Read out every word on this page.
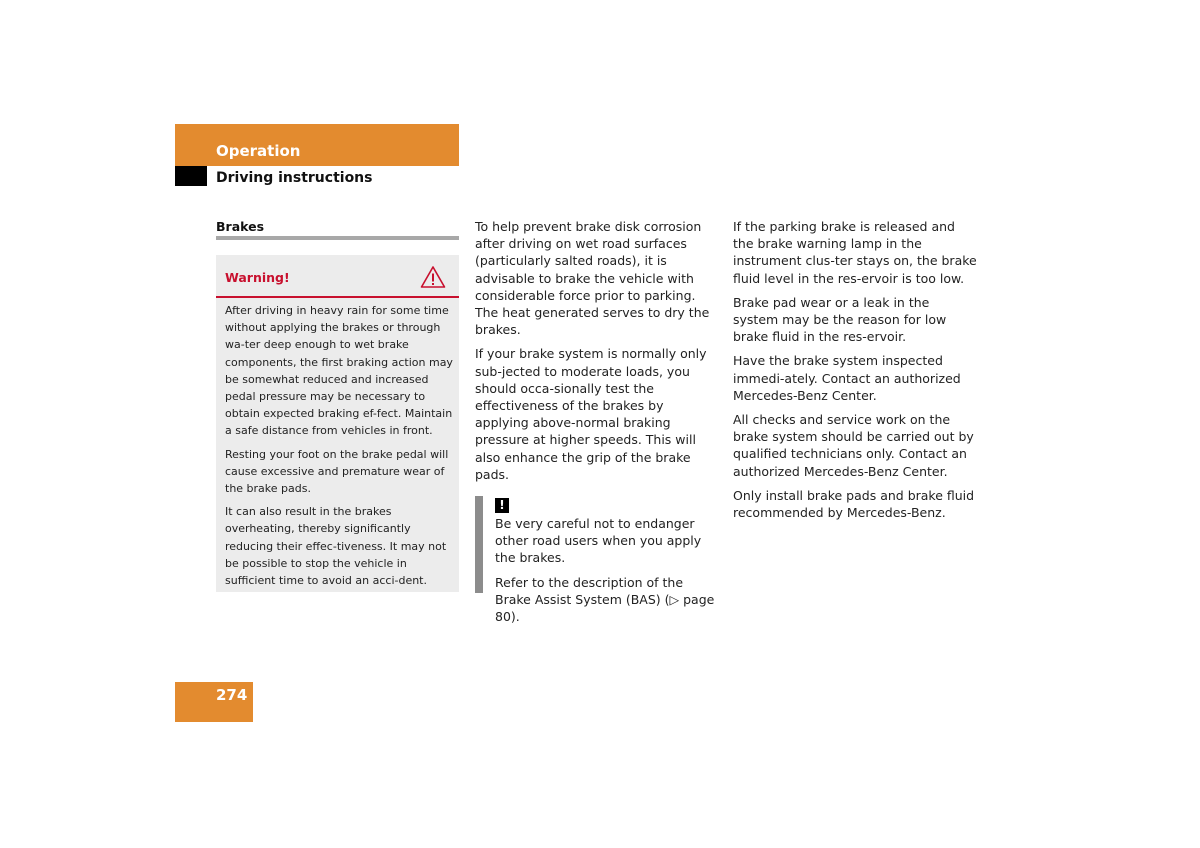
Operation
Driving instructions
Brakes
Warning!

After driving in heavy rain for some time without applying the brakes or through wa-ter deep enough to wet brake components, the first braking action may be somewhat reduced and increased pedal pressure may be necessary to obtain expected braking ef-fect. Maintain a safe distance from vehicles in front.

Resting your foot on the brake pedal will cause excessive and premature wear of the brake pads.

It can also result in the brakes overheating, thereby significantly reducing their effec-tiveness. It may not be possible to stop the vehicle in sufficient time to avoid an acci-dent.

To help prevent brake disk corrosion after driving on wet road surfaces (particularly salted roads), it is advisable to brake the vehicle with considerable force prior to parking. The heat generated serves to dry the brakes.

If your brake system is normally only sub-jected to moderate loads, you should occa-sionally test the effectiveness of the brakes by applying above-normal braking pressure at higher speeds. This will also enhance the grip of the brake pads.

!

Be very careful not to endanger other road users when you apply the brakes.

Refer to the description of the Brake Assist System (BAS) (▷ page 80).

If the parking brake is released and the brake warning lamp in the instrument clus-ter stays on, the brake fluid level in the res-ervoir is too low.

Brake pad wear or a leak in the system may be the reason for low brake fluid in the res-ervoir.

Have the brake system inspected immedi-ately. Contact an authorized Mercedes-Benz Center.

All checks and service work on the brake system should be carried out by qualified technicians only. Contact an authorized Mercedes-Benz Center.

Only install brake pads and brake fluid recommended by Mercedes-Benz.

274
